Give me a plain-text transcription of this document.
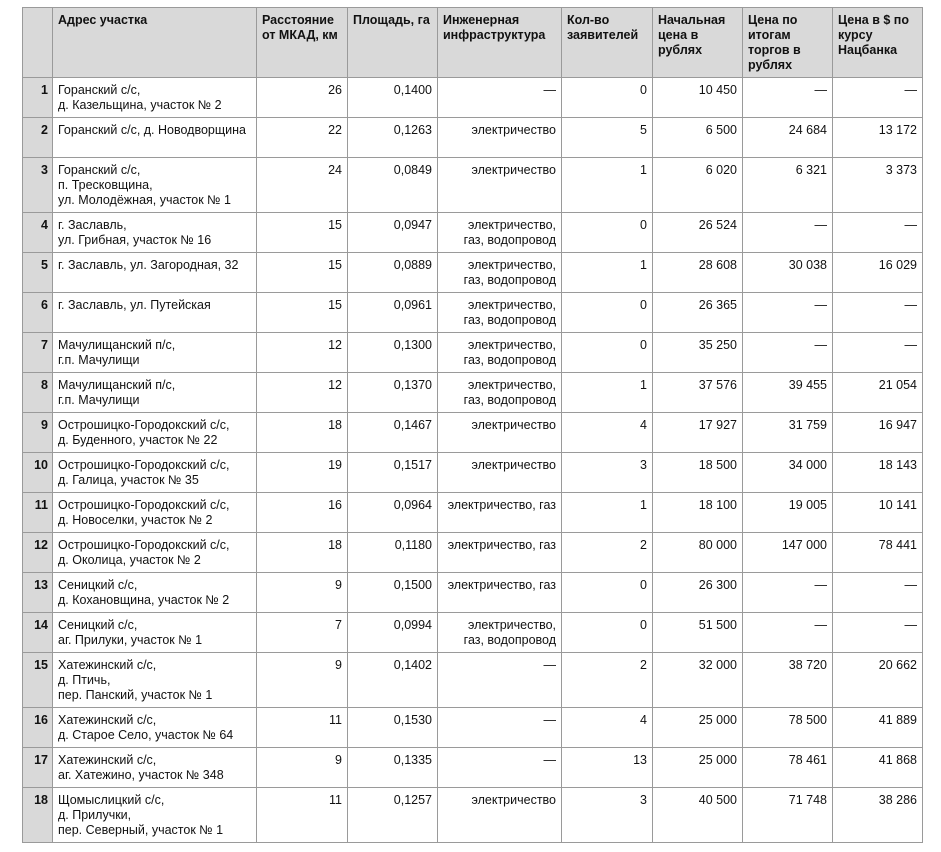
	Адрес участка	Расстояние от МКАД, км	Площадь, га	Инженерная инфраструктура	Кол-во заявителей	Начальная цена в рублях	Цена по итогам торгов в рублях	Цена в $ по курсу Нацбанка
1	Горанский с/с,
д. Казельщина, участок № 2	26	0,1400	—	0	10 450	—	—
2	Горанский с/с, д. Новодворщина	22	0,1263	электричество	5	6 500	24 684	13 172
3	Горанский с/с,
п. Тресковщина,
ул. Молодёжная, участок № 1	24	0,0849	электричество	1	6 020	6 321	3 373
4	г. Заславль,
ул. Грибная, участок № 16	15	0,0947	электричество,
газ, водопровод	0	26 524	—	—
5	г. Заславль, ул. Загородная, 32	15	0,0889	электричество,
газ, водопровод	1	28 608	30 038	16 029
6	г. Заславль, ул. Путейская	15	0,0961	электричество,
газ, водопровод	0	26 365	—	—
7	Мачулищанский п/с,
г.п. Мачулищи	12	0,1300	электричество,
газ, водопровод	0	35 250	—	—
8	Мачулищанский п/с,
г.п. Мачулищи	12	0,1370	электричество,
газ, водопровод	1	37 576	39 455	21 054
9	Острошицко-Городокский с/с,
д. Буденного, участок № 22	18	0,1467	электричество	4	17 927	31 759	16 947
10	Острошицко-Городокский с/с,
д. Галица, участок № 35	19	0,1517	электричество	3	18 500	34 000	18 143
11	Острошицко-Городокский с/с,
д. Новоселки, участок № 2	16	0,0964	электричество, газ	1	18 100	19 005	10 141
12	Острошицко-Городокский с/с,
д. Околица, участок № 2	18	0,1180	электричество, газ	2	80 000	147 000	78 441
13	Сеницкий с/с,
д. Кохановщина, участок № 2	9	0,1500	электричество, газ	0	26 300	—	—
14	Сеницкий с/с,
аг. Прилуки, участок № 1	7	0,0994	электричество,
газ, водопровод	0	51 500	—	—
15	Хатежинский с/с,
д. Птичь,
пер. Панский, участок № 1	9	0,1402	—	2	32 000	38 720	20 662
16	Хатежинский с/с,
д. Старое Село, участок № 64	11	0,1530	—	4	25 000	78 500	41 889
17	Хатежинский с/с,
аг. Хатежино, участок № 348	9	0,1335	—	13	25 000	78 461	41 868
18	Щомыслицкий с/с,
д. Прилучки,
пер. Северный, участок № 1	11	0,1257	электричество	3	40 500	71 748	38 286
